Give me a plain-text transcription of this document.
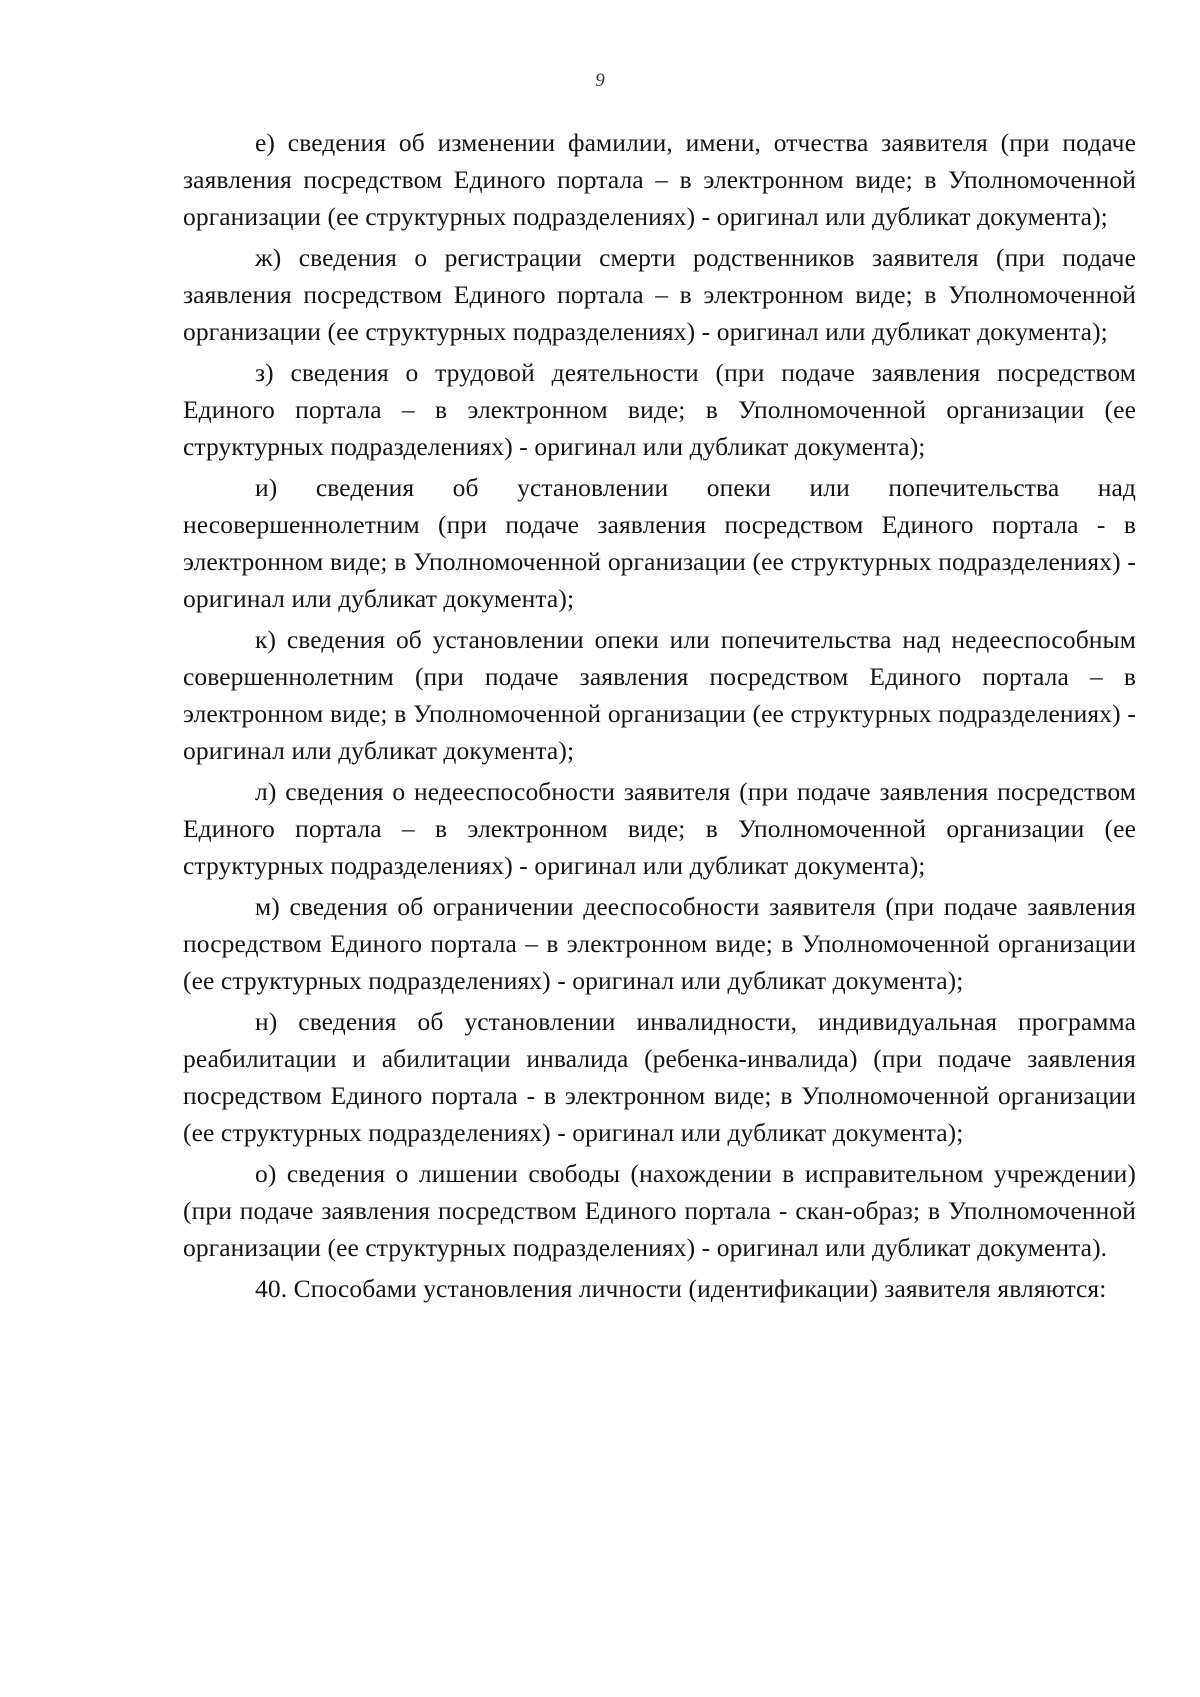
9

е) сведения об изменении фамилии, имени, отчества заявителя (при подаче заявления посредством Единого портала – в электронном виде; в Уполномоченной организации (ее структурных подразделениях) - оригинал или дубликат документа);

ж) сведения о регистрации смерти родственников заявителя (при подаче заявления посредством Единого портала – в электронном виде; в Уполномоченной организации (ее структурных подразделениях) - оригинал или дубликат документа);

з) сведения о трудовой деятельности (при подаче заявления посредством Единого портала – в электронном виде; в Уполномоченной организации (ее структурных подразделениях) - оригинал или дубликат документа);

и) сведения об установлении опеки или попечительства над несовершеннолетним (при подаче заявления посредством Единого портала - в электронном виде; в Уполномоченной организации (ее структурных подразделениях) - оригинал или дубликат документа);

к) сведения об установлении опеки или попечительства над недееспособным совершеннолетним (при подаче заявления посредством Единого портала – в электронном виде; в Уполномоченной организации (ее структурных подразделениях) - оригинал или дубликат документа);

л) сведения о недееспособности заявителя (при подаче заявления посредством Единого портала – в электронном виде; в Уполномоченной организации (ее структурных подразделениях) - оригинал или дубликат документа);

м) сведения об ограничении дееспособности заявителя (при подаче заявления посредством Единого портала – в электронном виде; в Уполномоченной организации (ее структурных подразделениях) - оригинал или дубликат документа);

н) сведения об установлении инвалидности, индивидуальная программа реабилитации и абилитации инвалида (ребенка-инвалида) (при подаче заявления посредством Единого портала - в электронном виде; в Уполномоченной организации (ее структурных подразделениях) - оригинал или дубликат документа);

о) сведения о лишении свободы (нахождении в исправительном учреждении) (при подаче заявления посредством Единого портала - скан-образ; в Уполномоченной организации (ее структурных подразделениях) - оригинал или дубликат документа).

40. Способами установления личности (идентификации) заявителя являются:
